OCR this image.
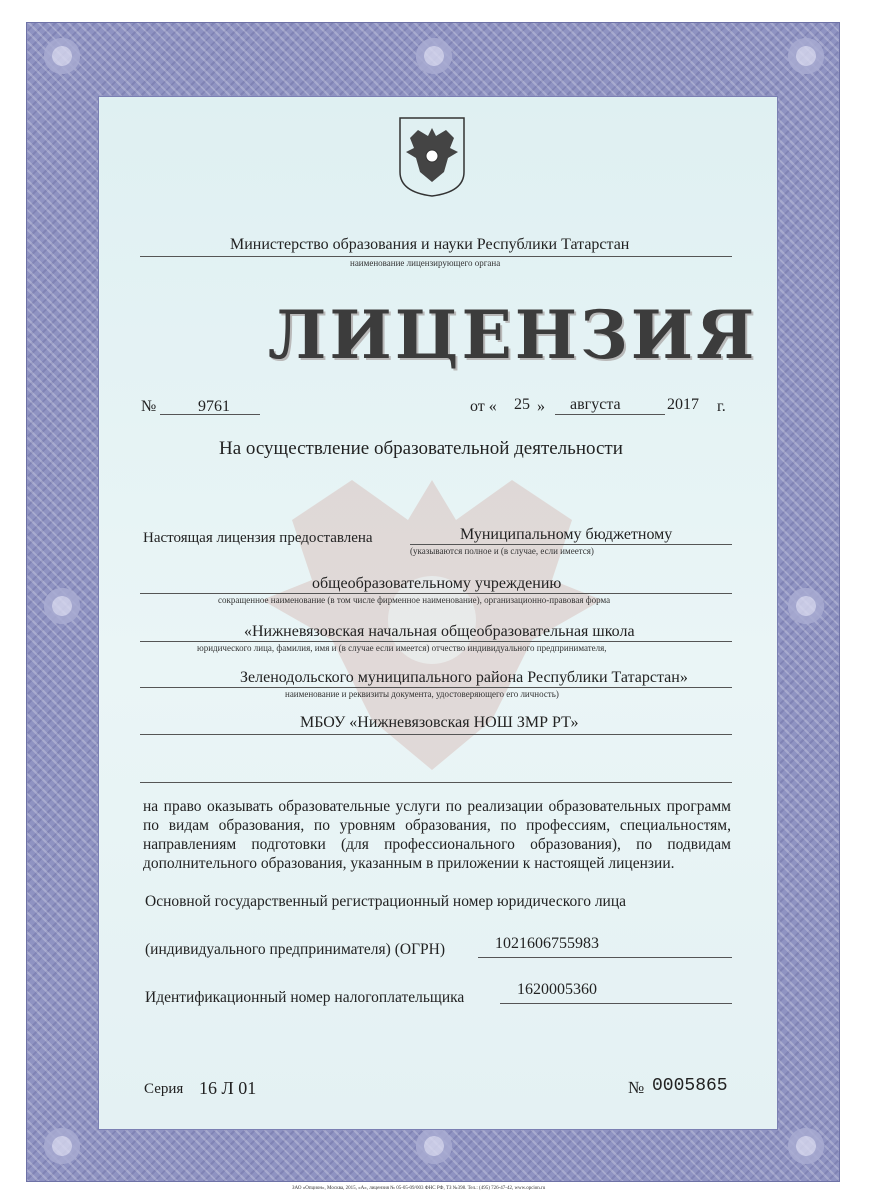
Министерство образования и науки Республики Татарстан
наименование лицензирующего органа
ЛИЦЕНЗИЯ
№	9761	от « 25 » августа	2017 г.
На осуществление образовательной деятельности
Настоящая лицензия предоставлена	Муниципальному бюджетному
(указываются полное и (в случае, если имеется)
общеобразовательному учреждению
сокращенное наименование (в том числе фирменное наименование), организационно-правовая форма
«Нижневязовская начальная общеобразовательная школа
юридического лица, фамилия, имя и (в случае если имеется) отчество индивидуального предпринимателя,
Зеленодольского муниципального района Республики Татарстан»
наименование и реквизиты документа, удостоверяющего его личность)
МБОУ «Нижневязовская НОШ ЗМР РТ»
на право оказывать образовательные услуги по реализации образовательных программ по видам образования, по уровням образования, по профессиям, специальностям, направлениям подготовки (для профессионального образования), по подвидам дополнительного образования, указанным в приложении к настоящей лицензии.
Основной государственный регистрационный номер юридического лица
(индивидуального предпринимателя) (ОГРН)	1021606755983
Идентификационный номер налогоплательщика	1620005360
Серия 16 Л 01	№ 0005865
ЗАО «Опцион», Москва, 2015, «А», лицензия № 05-05-09/003 ФНС РФ, ТЗ №398. Тел.: (495) 726-47-42, www.opcion.ru
